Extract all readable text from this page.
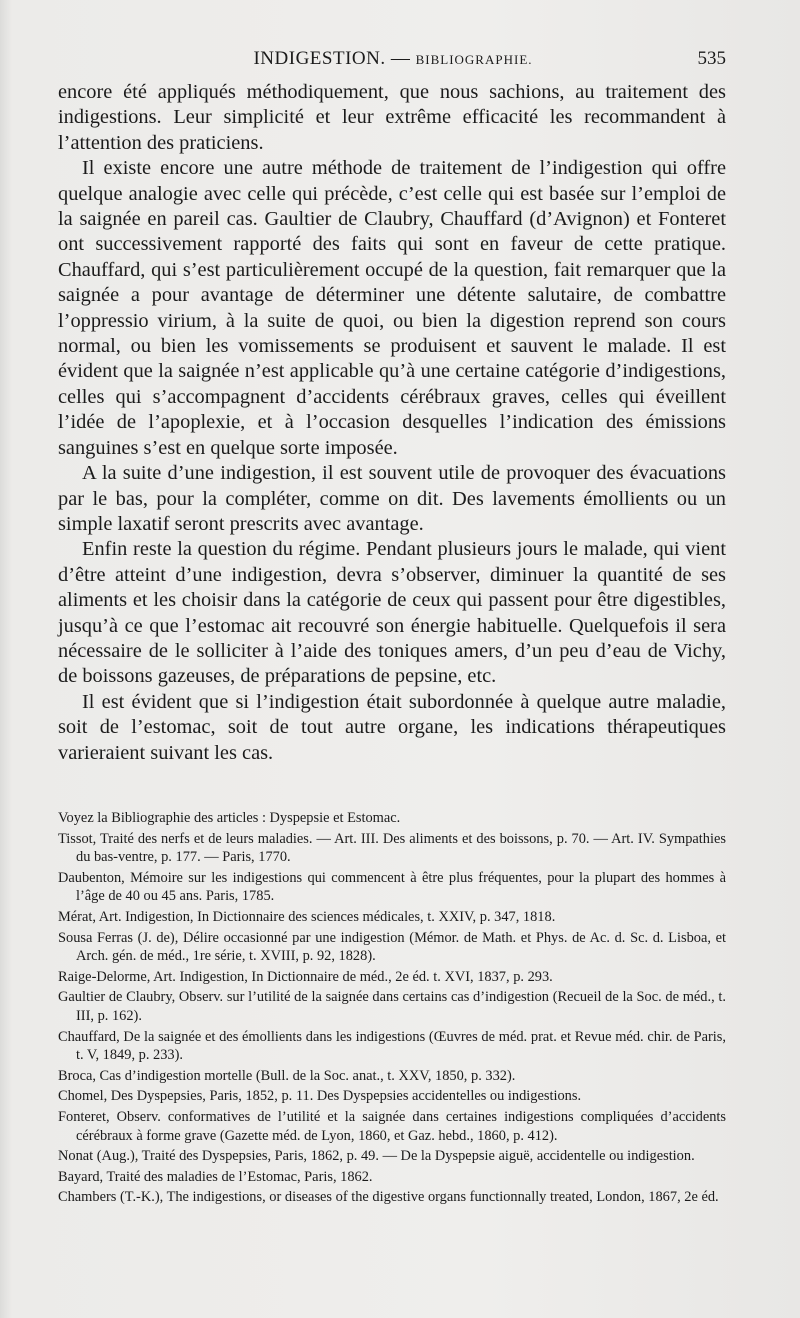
INDIGESTION. — BIBLIOGRAPHIE.	535

encore été appliqués méthodiquement, que nous sachions, au traitement des indigestions. Leur simplicité et leur extrême efficacité les recommandent à l’attention des praticiens.

Il existe encore une autre méthode de traitement de l’indigestion qui offre quelque analogie avec celle qui précède, c’est celle qui est basée sur l’emploi de la saignée en pareil cas. Gaultier de Claubry, Chauffard (d’Avignon) et Fonteret ont successivement rapporté des faits qui sont en faveur de cette pratique. Chauffard, qui s’est particulièrement occupé de la question, fait remarquer que la saignée a pour avantage de déterminer une détente salutaire, de combattre l’oppressio virium, à la suite de quoi, ou bien la digestion reprend son cours normal, ou bien les vomissements se produisent et sauvent le malade. Il est évident que la saignée n’est applicable qu’à une certaine catégorie d’indigestions, celles qui s’accompagnent d’accidents cérébraux graves, celles qui éveillent l’idée de l’apoplexie, et à l’occasion desquelles l’indication des émissions sanguines s’est en quelque sorte imposée.

A la suite d’une indigestion, il est souvent utile de provoquer des évacuations par le bas, pour la compléter, comme on dit. Des lavements émollients ou un simple laxatif seront prescrits avec avantage.

Enfin reste la question du régime. Pendant plusieurs jours le malade, qui vient d’être atteint d’une indigestion, devra s’observer, diminuer la quantité de ses aliments et les choisir dans la catégorie de ceux qui passent pour être digestibles, jusqu’à ce que l’estomac ait recouvré son énergie habituelle. Quelquefois il sera nécessaire de le solliciter à l’aide des toniques amers, d’un peu d’eau de Vichy, de boissons gazeuses, de préparations de pepsine, etc.

Il est évident que si l’indigestion était subordonnée à quelque autre maladie, soit de l’estomac, soit de tout autre organe, les indications thérapeutiques varieraient suivant les cas.

Voyez la Bibliographie des articles : Dyspepsie et Estomac.

Tissot, Traité des nerfs et de leurs maladies. — Art. III. Des aliments et des boissons, p. 70. — Art. IV. Sympathies du bas-ventre, p. 177. — Paris, 1770.

Daubenton, Mémoire sur les indigestions qui commencent à être plus fréquentes, pour la plupart des hommes à l’âge de 40 ou 45 ans. Paris, 1785.

Mérat, Art. Indigestion, In Dictionnaire des sciences médicales, t. XXIV, p. 347, 1818.

Sousa Ferras (J. de), Délire occasionné par une indigestion (Mémor. de Math. et Phys. de Ac. d. Sc. d. Lisboa, et Arch. gén. de méd., 1re série, t. XVIII, p. 92, 1828).

Raige-Delorme, Art. Indigestion, In Dictionnaire de méd., 2e éd. t. XVI, 1837, p. 293.

Gaultier de Claubry, Observ. sur l’utilité de la saignée dans certains cas d’indigestion (Recueil de la Soc. de méd., t. III, p. 162).

Chauffard, De la saignée et des émollients dans les indigestions (Œuvres de méd. prat. et Revue méd. chir. de Paris, t. V, 1849, p. 233).

Broca, Cas d’indigestion mortelle (Bull. de la Soc. anat., t. XXV, 1850, p. 332).

Chomel, Des Dyspepsies, Paris, 1852, p. 11. Des Dyspepsies accidentelles ou indigestions.

Fonteret, Observ. conformatives de l’utilité et la saignée dans certaines indigestions compliquées d’accidents cérébraux à forme grave (Gazette méd. de Lyon, 1860, et Gaz. hebd., 1860, p. 412).

Nonat (Aug.), Traité des Dyspepsies, Paris, 1862, p. 49. — De la Dyspepsie aiguë, accidentelle ou indigestion.

Bayard, Traité des maladies de l’Estomac, Paris, 1862.

Chambers (T.-K.), The indigestions, or diseases of the digestive organs functionnally treated, London, 1867, 2e éd.
